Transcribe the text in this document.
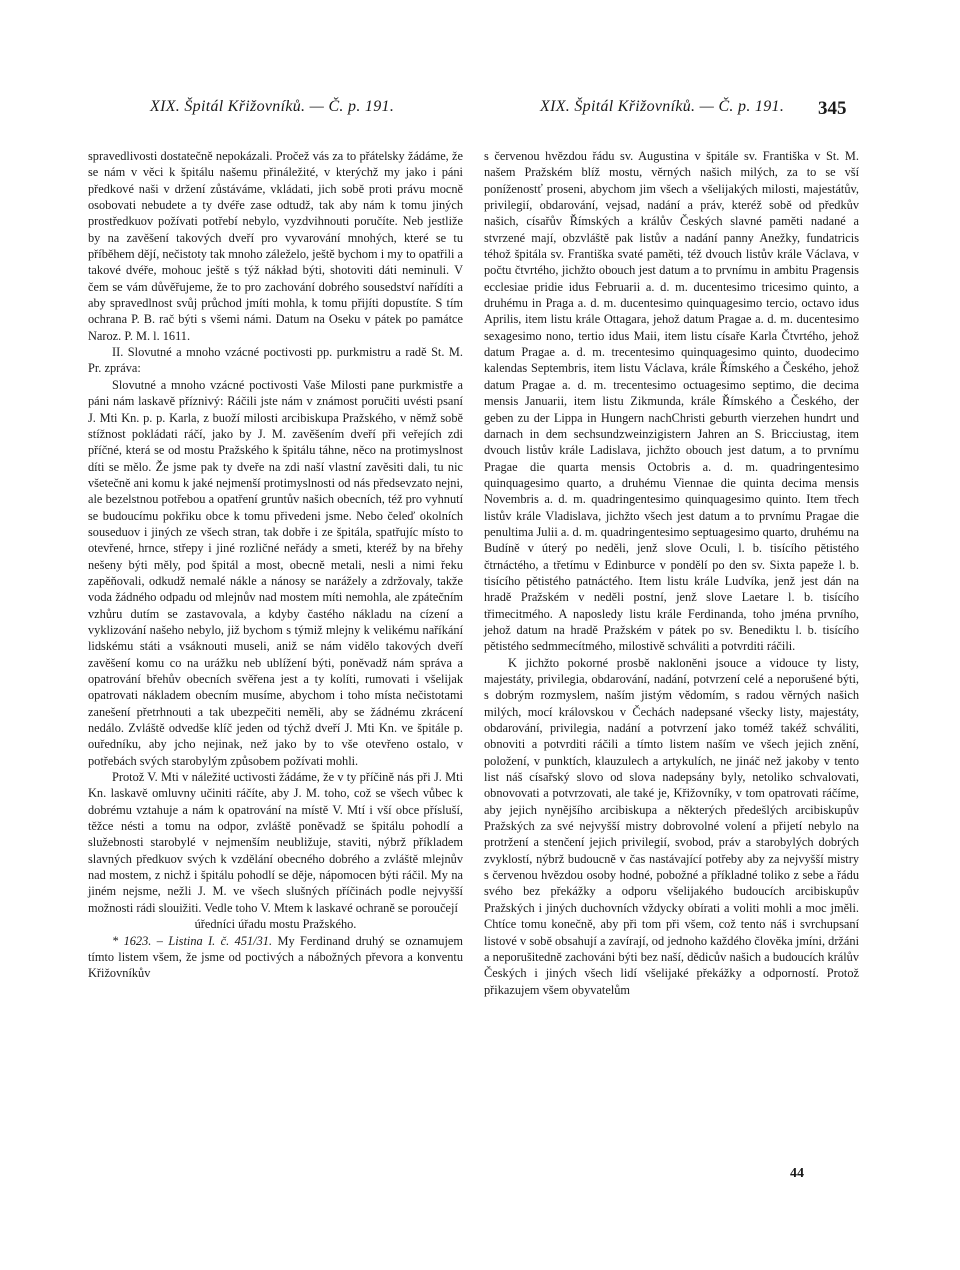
XIX. Špitál Křižovníků. — Č. p. 191.	XIX. Špitál Křižovníků. — Č. p. 191. 345

spravedlivosti dostatečně nepokázali. Pročež vás za to přátelsky žádáme, že se nám v věci k špitálu našemu přináležité, v kterýchž my jako i páni předkové naši v držení zůstáváme, vkládati, jich sobě proti právu mocně osobovati nebudete a ty dvéře zase odtudž, tak aby nám k tomu jiných prostředkuov požívati potřebí nebylo, vyzdvihnouti poručíte. Neb jestliže by na zavěšení takových dveří pro vyvarování mnohých, které se tu příběhem dějí, nečistoty tak mnoho záleželo, ještě bychom i my to opatřili a takové dvéře, mohouc ještě s týž nákład býti, shotoviti dáti neminuli. V čem se vám důvěřujeme, že to pro zachování dobrého sousedství nařídíti a aby spravedlnost svůj průchod jmíti mohla, k tomu přijíti dopustíte. S tím ochrana P. B. rač býti s všemi námi. Datum na Oseku v pátek po památce Naroz. P. M. l. 1611.

II. Slovutné a mnoho vzácné poctivosti pp. purkmistru a radě St. M. Pr. zpráva:

Slovutné a mnoho vzácné poctivosti Vaše Milosti pane purkmistře a páni nám laskavě příznivý: Ráčili jste nám v známost poručiti uvésti psaní J. Mti Kn. p. p. Karla, z buoží milosti arcibiskupa Pražského, v němž sobě stížnost pokládati ráčí, jako by J. M. zavěšením dveří při veřejích zdi příčné, která se od mostu Pražského k špitálu táhne, něco na protimyslnost díti se mělo. Že jsme pak ty dveře na zdi naší vlastní zavěsiti dali, tu nic všetečně ani komu k jaké nejmenší protimyslnosti od nás předsevzato nejni, ale bezelstnou potřebou a opatření gruntův našich obecních, též pro vyhnutí se budoucímu pokřiku obce k tomu přivedeni jsme. Nebo čeleď okolních souseduov i jiných ze všech stran, tak dobře i ze špitála, spatřujíc místo to otevřené, hrnce, střepy i jiné rozličné neřády a smeti, kteréž by na břehy nešeny býti měly, pod špitál a most, obecně metali, nesli a nimi řeku zapěňovali, odkudž nemalé nákle a nánosy se narážely a zdržovaly, takže voda žádného odpadu od mlejnův nad mostem míti nemohla, ale zpátečním vzhůru dutím se zastavovala, a kdyby častého nákladu na cízení a vyklizování našeho nebylo, již bychom s týmiž mlejny k velikému naříkání lidskému státi a vsáknouti museli, aniž se nám vidělo takových dveří zavěšení komu co na urážku neb ublížení býti, poněvadž nám správa a opatrování břehův obecních svěřena jest a ty kolíti, rumovati i všelijak opatrovati nákladem obecním musíme, abychom i toho místa nečistotami zanešení přetrhnouti a tak ubezpečiti neměli, aby se žádnému zkrácení nedálo. Zvláště odvedše klíč jeden od týchž dveří J. Mti Kn. ve špitále p. ouředníku, aby jcho nejinak, než jako by to vše otevřeno ostalo, v potřebách svých starobylým způsobem požívati mohli.

Protož V. Mti v náležité uctivosti žádáme, že v ty příčině nás při J. Mti Kn. laskavě omluvny učiniti ráčíte, aby J. M. toho, což se všech vůbec k dobrému vztahuje a nám k opatrování na místě V. Mtí i vší obce přísluší, těžce nésti a tomu na odpor, zvláště poněvadž se špitálu pohodlí a služebnosti starobylé v nejmenším neubližuje, staviti, nýbrž příkladem slavných předkuov svých k vzdělání obecného dobrého a zvláště mlejnův nad mostem, z nichž i špitálu pohodlí se děje, nápomocen býti ráčil. My na jiném nejsme, nežli J. M. ve všech slušných příčinách podle nejvyšší možnosti rádi slouižiti. Vedle toho V. Mtem k laskavé ochraně se poroučejí

úředníci úřadu mostu Pražského.

* 1623. – Listina I. č. 451/31. My Ferdinand druhý se oznamujem tímto listem všem, že jsme od poctivých a nábožných převora a konventu Křižovníkův

s červenou hvězdou řádu sv. Augustina v špitále sv. Františka v St. M. našem Pražském blíž mostu, věrných našich milých, za to se vší poníženostť proseni, abychom jim všech a všelijakých milosti, majestátův, privilegií, obdarování, vejsad, nadání a práv, kteréž sobě od předkův našich, císařův Římských a králův Českých slavné paměti nadané a stvrzené mají, obzvláště pak listův a nadání panny Anežky, fundatricis téhož špitála sv. Františka svaté paměti, též dvouch listův krále Václava, v počtu čtvrtého, jichžto obouch jest datum a to prvnímu in ambitu Pragensis ecclesiae pridie idus Februarii a. d. m. ducentesimo tricesimo quinto, a druhému in Praga a. d. m. ducentesimo quinquagesimo tercio, octavo idus Aprilis, item listu krále Ottagara, jehož datum Pragae a. d. m. ducentesimo sexagesimo nono, tertio idus Maii, item listu císaře Karla Čtvrtého, jehož datum Pragae a. d. m. trecentesimo quinquagesimo quinto, duodecimo kalendas Septembris, item listu Václava, krále Římského a Českého, jehož datum Pragae a. d. m. trecentesimo octuagesimo septimo, die decima mensis Januarii, item listu Zikmunda, krále Římského a Českého, der geben zu der Lippa in Hungern nachChristi geburth vierzehen hundrt und darnach in dem sechsundzweinzigistern Jahren an S. Bricciustag, item dvouch listův krále Ladislava, jichžto obouch jest datum, a to prvnímu Pragae die quarta mensis Octobris a. d. m. quadringentesimo quinquagesimo quarto, a druhému Viennae die quinta decima mensis Novembris a. d. m. quadringentesimo quinquagesimo quinto. Item třech listův krále Vladislava, jichžto všech jest datum a to prvnímu Pragae die penultima Julii a. d. m. quadringentesimo septuagesimo quarto, druhému na Budíně v úterý po neděli, jenž slove Oculi, l. b. tisícího pětistého čtrnáctého, a třetímu v Edinburce v pondělí po den sv. Sixta papeže l. b. tisícího pětistého patnáctého. Item listu krále Ludvíka, jenž jest dán na hradě Pražském v neděli postní, jenž slove Laetare l. b. tisícího třimecitmého. A naposledy listu krále Ferdinanda, toho jména prvního, jehož datum na hradě Pražském v pátek po sv. Benediktu l. b. tisícího pětistého sedmmecítmého, milostivě schváliti a potvrditi ráčili.

K jichžto pokorné prosbě nakloněni jsouce a vidouce ty listy, majestáty, privilegia, obdarování, nadání, potvrzení celé a neporušené býti, s dobrým rozmyslem, naším jistým vědomím, s radou věrných našich milých, mocí královskou v Čechách nadepsané všecky listy, majestáty, obdarování, privilegia, nadání a potvrzení jako toméž takéž schváliti, obnoviti a potvrditi ráčili a tímto listem naším ve všech jejich znění, položení, v punktích, klauzulech a artykulích, ne jináč než jakoby v tento list náš císařský slovo od slova nadepsány byly, netoliko schvalovati, obnovovati a potvrzovati, ale také je, Křižovníky, v tom opatrovati ráčíme, aby jejich nynějšího arcibiskupa a některých předešlých arcibiskupův Pražských za své nejvyšší mistry dobrovolné volení a přijetí nebylo na protržení a stenčení jejich privilegií, svobod, práv a starobylých dobrých zvyklostí, nýbrž budoucně v čas nastávající potřeby aby za nejvyšší mistry s červenou hvězdou osoby hodné, pobožné a příkladné toliko z sebe a řádu svého bez překážky a odporu všelijakého budoucích arcibiskupův Pražských i jiných duchovních vždycky obírati a voliti mohli a moc jměli. Chtíce tomu konečně, aby při tom při všem, což tento náš i svrchupsaní listové v sobě obsahují a zavírají, od jednoho každého člověka jmíni, držáni a neporušitedně zachováni býti bez naší, dědicův našich a budoucích králův Českých i jiných všech lidí všelijaké překážky a odporností. Protož přikazujem všem obyvatelům

44
